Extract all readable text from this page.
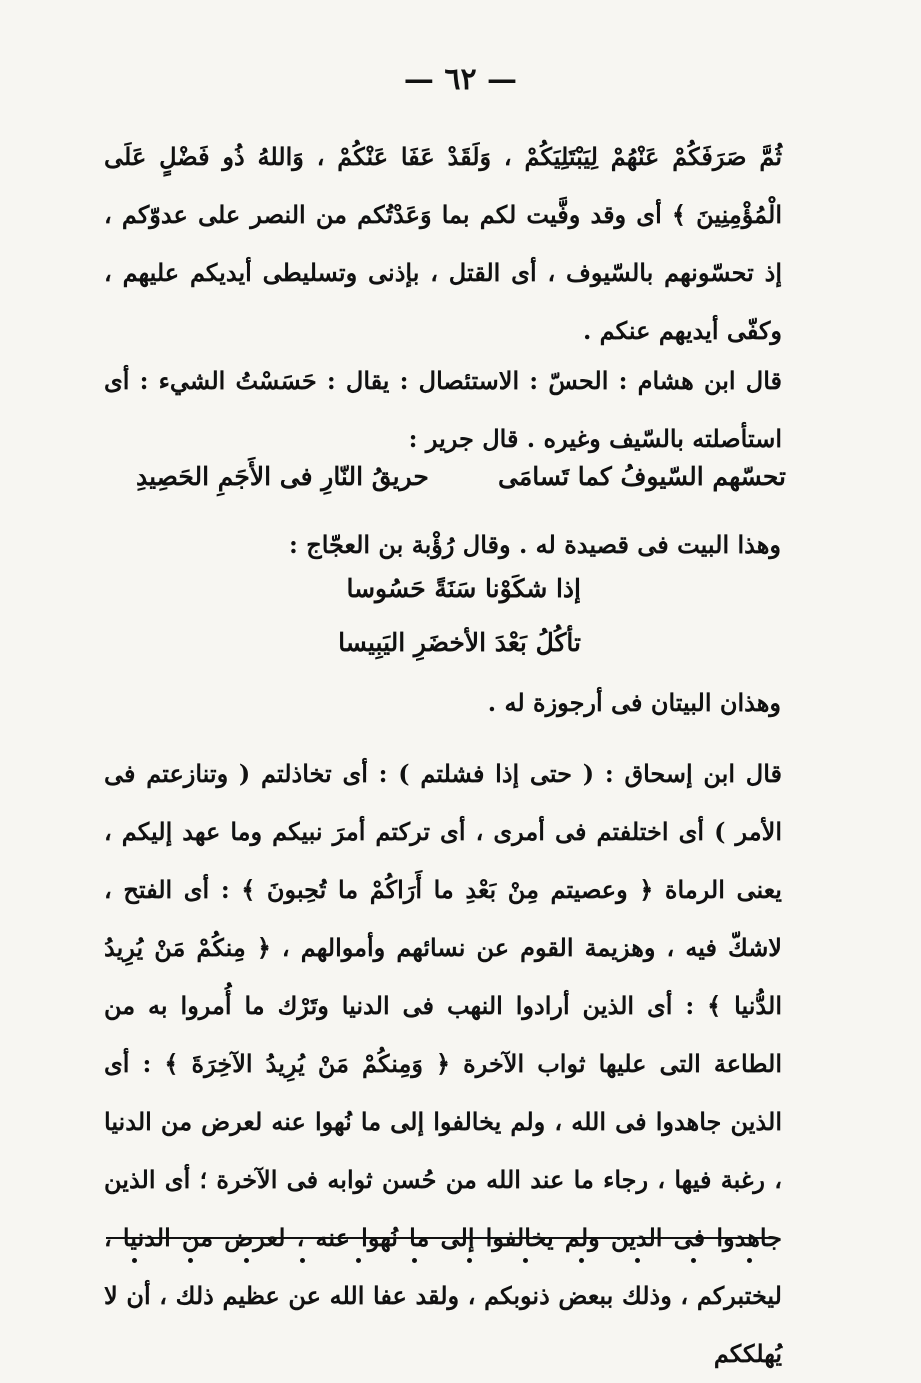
— ٦٢ —

ثُمَّ صَرَفَكُمْ عَنْهُمْ لِيَبْتَلِيَكُمْ ، وَلَقَدْ عَفَا عَنْكُمْ ، وَاللهُ ذُو فَضْلٍ عَلَى الْمُؤْمِنِينَ ﴾ أى وقد وفَّيت لكم بما وَعَدْتُكم من النصر على عدوّكم ، إذ تحسّونهم بالسّيوف ، أى القتل ، بإذنى وتسليطى أيديكم عليهم ، وكفّى أيديهم عنكم .

قال ابن هشام : الحسّ : الاستئصال : يقال : حَسَسْتُ الشيء : أى استأصلته بالسّيف وغيره . قال جرير :

تحسّهم السّيوفُ كما تَسامَى
حريقُ النّارِ فى الأَجَمِ الحَصِيدِ
وهذا البيت فى قصيدة له . وقال رُؤْبة بن العجّاج :
إذا شكَوْنا سَنَةً حَسُوسا
تأكُلُ بَعْدَ الأخضَرِ اليَبِيسا
وهذان البيتان فى أرجوزة له .

قال ابن إسحاق : ( حتى إذا فشلتم ) : أى تخاذلتم ( وتنازعتم فى الأمر ) أى اختلفتم فى أمرى ، أى تركتم أمرَ نبيكم وما عهد إليكم ، يعنى الرماة ﴿ وعصيتم مِنْ بَعْدِ ما أَرَاكُمْ ما تُحِبونَ ﴾ : أى الفتح ، لاشكّ فيه ، وهزيمة القوم عن نسائهم وأموالهم ، ﴿ مِنكُمْ مَنْ يُرِيدُ الدُّنيا ﴾ : أى الذين أرادوا النهب فى الدنيا وتَرْك ما أُمروا به من الطاعة التى عليها ثواب الآخرة ﴿ وَمِنكُمْ مَنْ يُرِيدُ الآخِرَةَ ﴾ : أى الذين جاهدوا فى الله ، ولم يخالفوا إلى ما نُهوا عنه لعرض من الدنيا ، رغبة فيها ، رجاء ما عند الله من حُسن ثوابه فى الآخرة ؛ أى الذين جاهدوا فى الدين ولم يخالفوا إلى ما نُهوا عنه ، لعرض من الدنيا ، ليختبركم ، وذلك ببعض ذنوبكم ، ولقد عفا الله عن عظيم ذلك ، أن لا يُهلككم
